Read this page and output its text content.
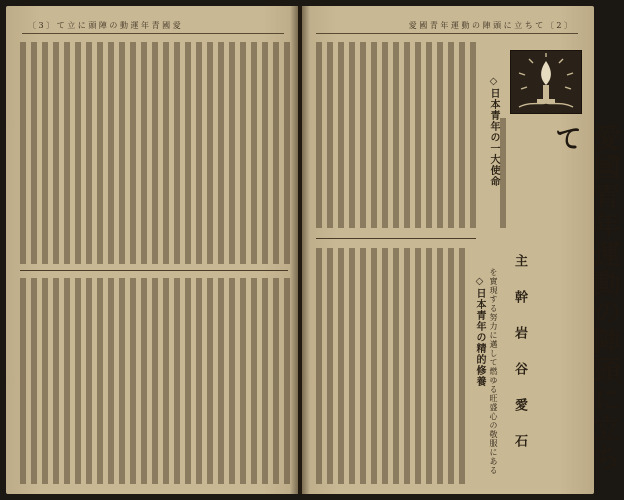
〔 3 〕 て 立 に 頭 陣 の 動 運 年 青 國 愛	愛 國 青 年 運 動 の 陣 頭 に 立 ち て 〔 2 〕
◇日本青年の一大使命	愛國青年運動の陣頭に立ちて
主 幹 岩 谷 愛 石
を實現する努力に邁して燃ゆる旺盛心の敬服にある
◇日本青年の精的修養
